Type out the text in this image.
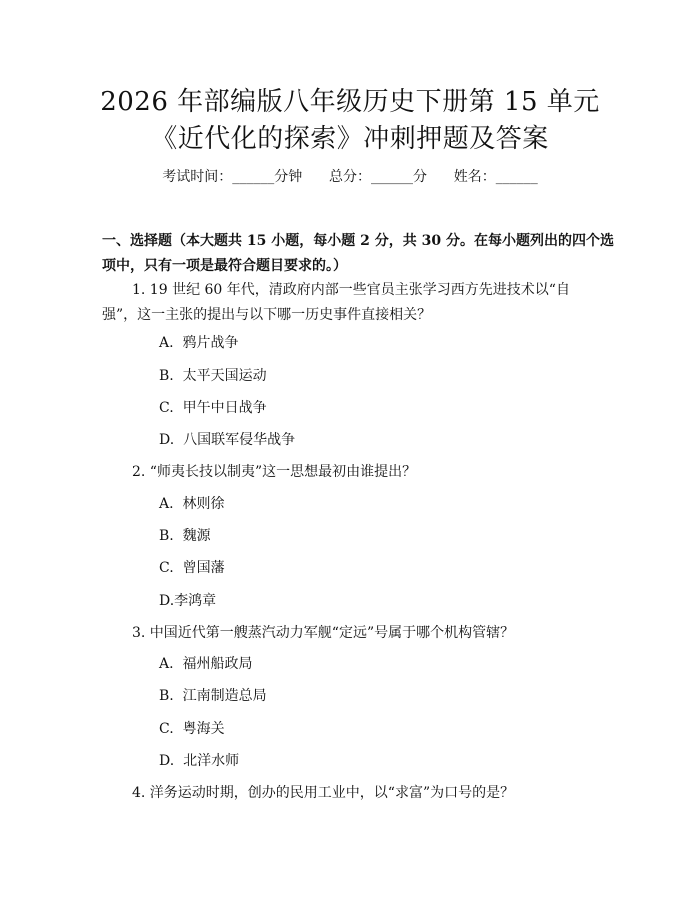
2026 年部编版八年级历史下册第 15 单元
《近代化的探索》冲刺押题及答案
考试时间：______分钟      总分：______分      姓名：______
一、选择题（本大题共 15 小题，每小题 2 分，共 30 分。在每小题列出的四个选项中，只有一项是最符合题目要求的。）
1. 19 世纪 60 年代，清政府内部一些官员主张学习西方先进技术以“自强”，这一主张的提出与以下哪一历史事件直接相关？
A.  鸦片战争
B.  太平天国运动
C.  甲午中日战争
D.  八国联军侵华战争
2. “师夷长技以制夷”这一思想最初由谁提出？
A.  林则徐
B.  魏源
C.  曾国藩
D.李鸿章
3. 中国近代第一艘蒸汽动力军舰“定远”号属于哪个机构管辖？
A.  福州船政局
B.  江南制造总局
C.  粤海关
D.  北洋水师
4. 洋务运动时期，创办的民用工业中，以“求富”为口号的是？
